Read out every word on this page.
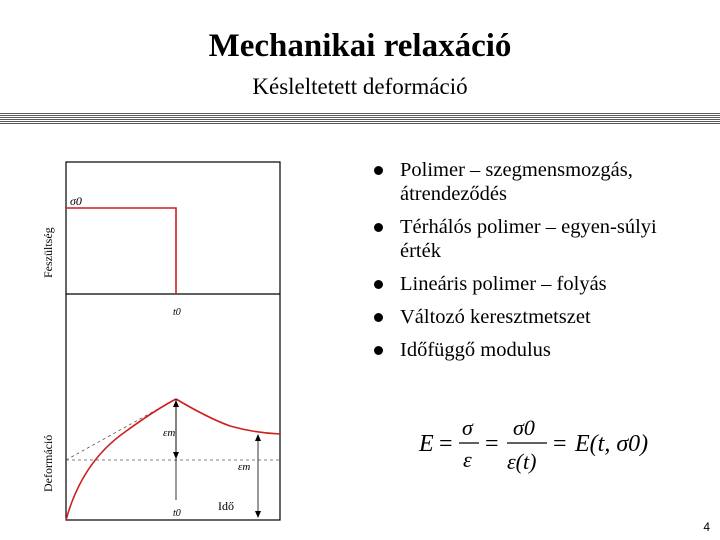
Mechanikai relaxáció
Késleltetett deformáció
σ0
t0
Feszültség
εm
εm
t0
Idő
Deformáció
Polimer – szegmensmozgás, átrendeződés
Térhálós polimer – egyen-súlyi érték
Lineáris polimer – folyás
Változó keresztmetszet
Időfüggő modulus
E =
σ
ε
=
σ0
ε(t)
= E(t, σ0)
4
